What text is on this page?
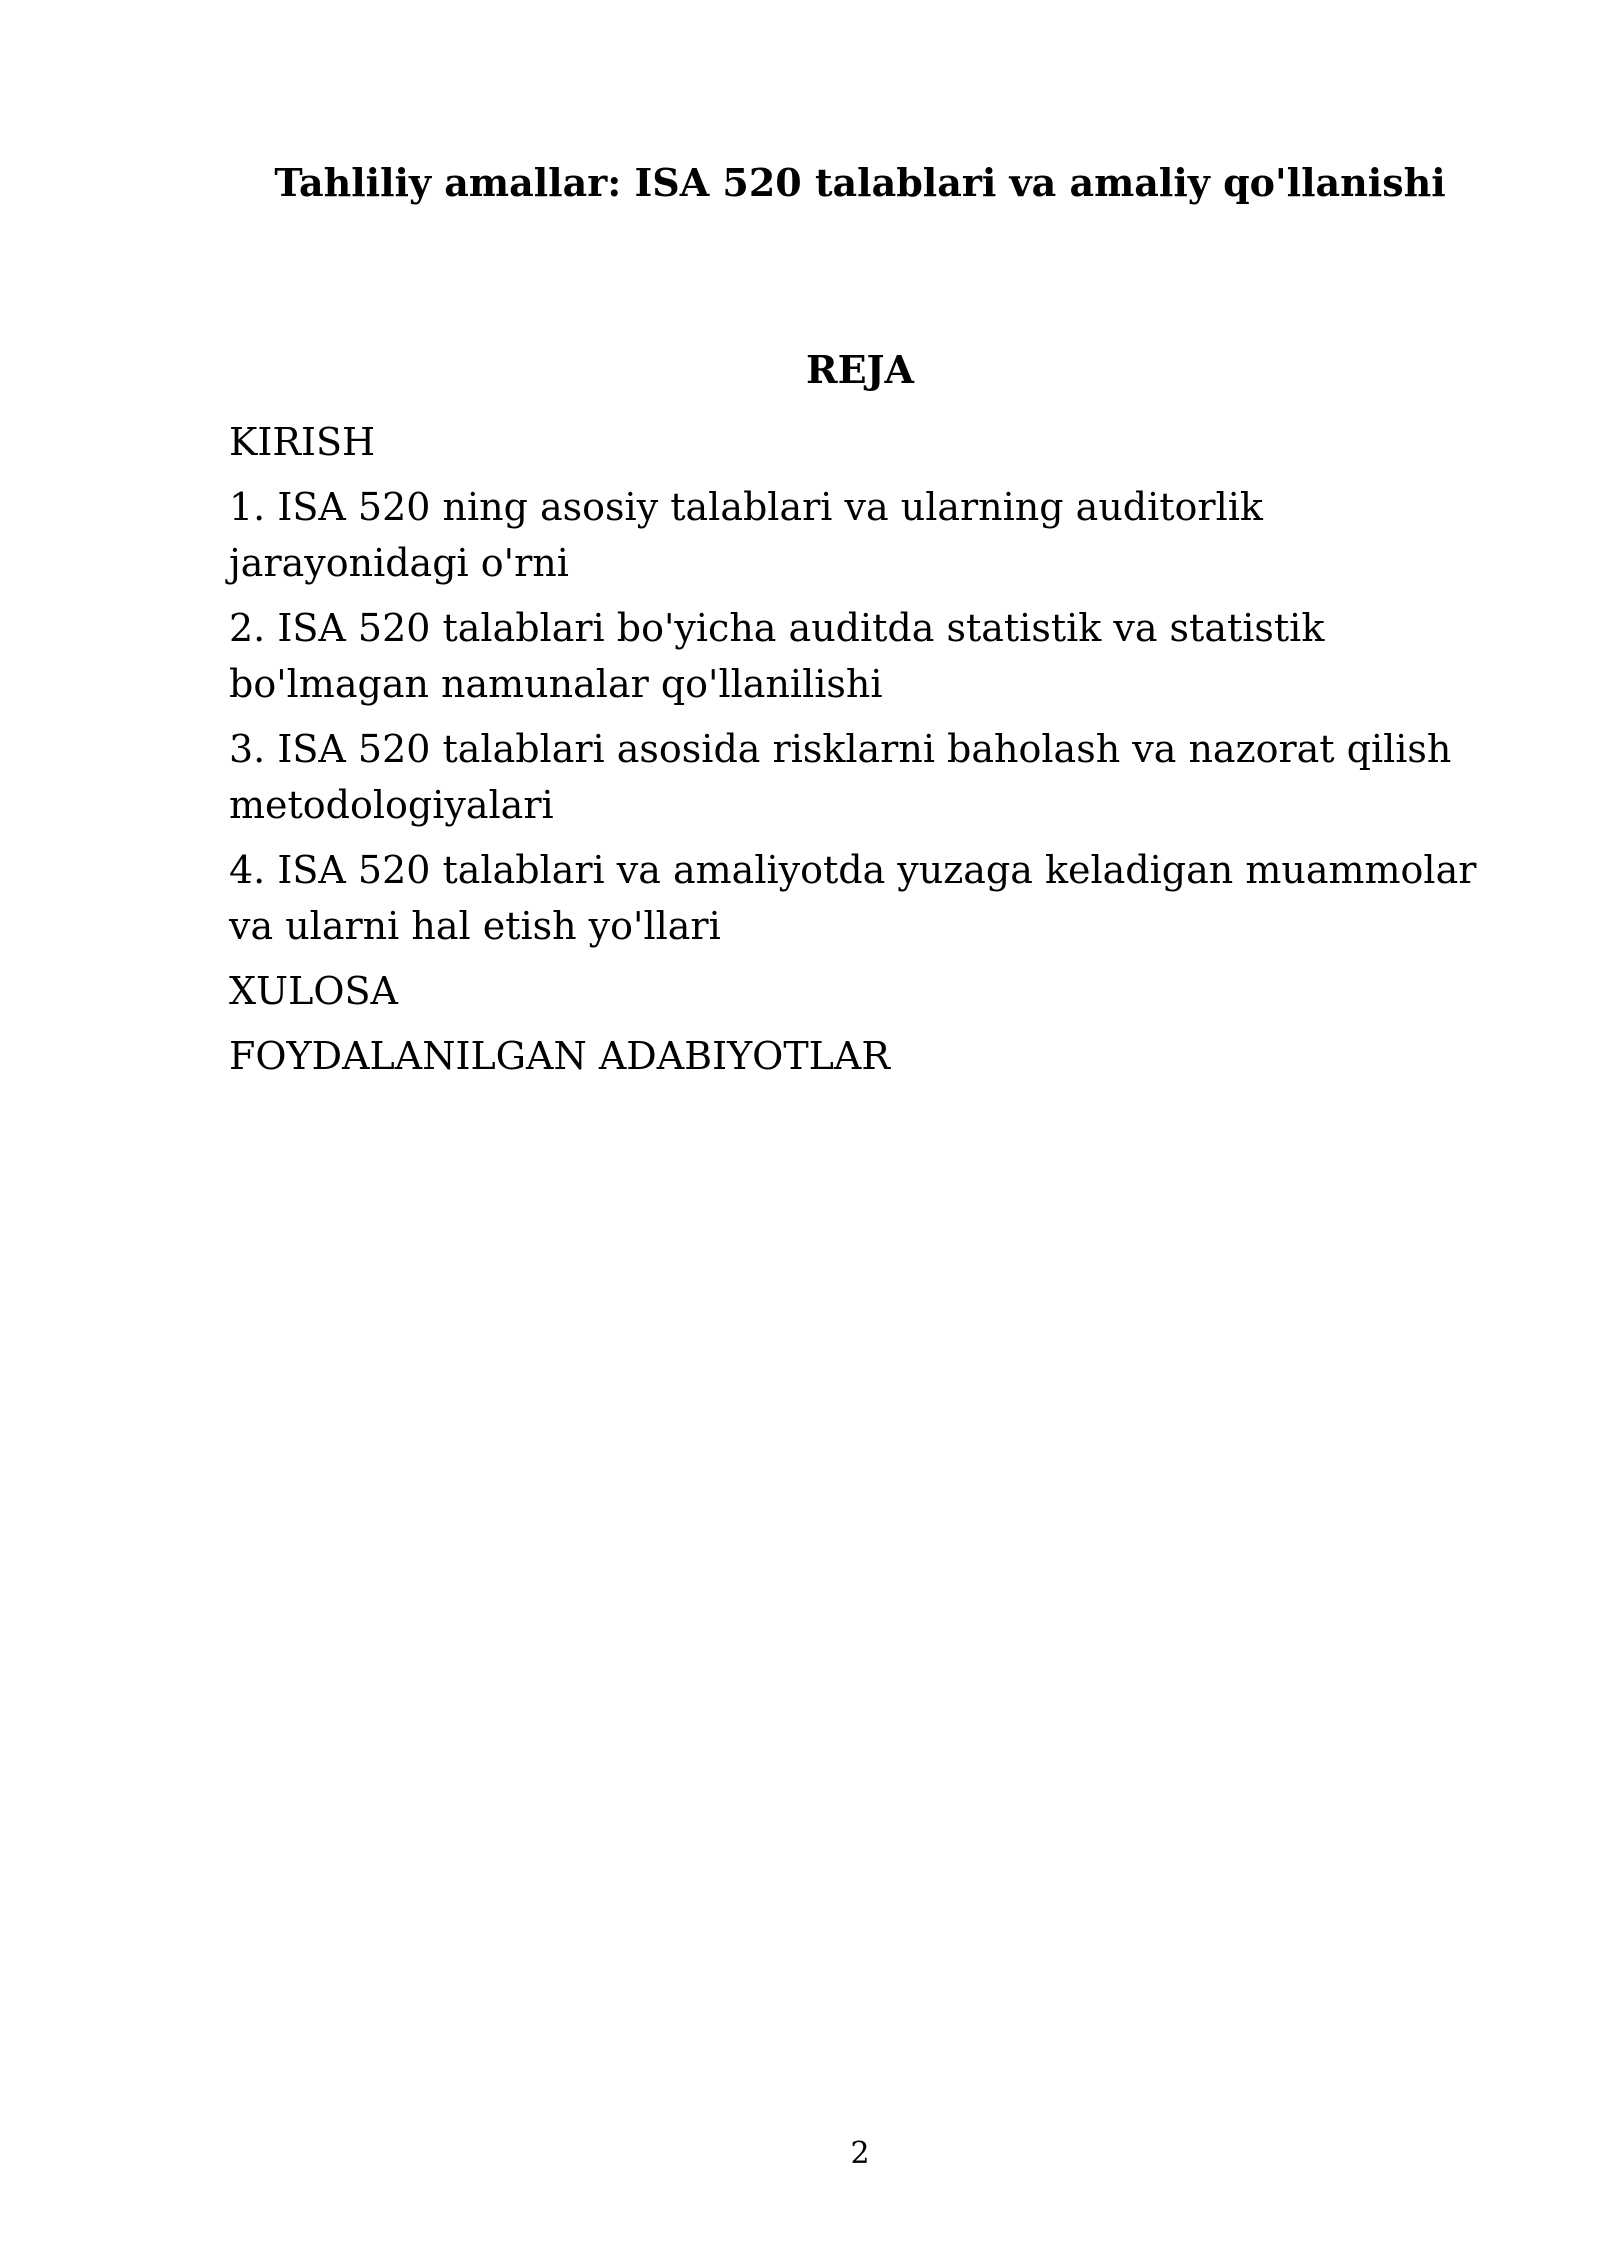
Tahliliy amallar: ISA 520 talablari va amaliy qo'llanishi
REJA
KIRISH
1. ISA 520 ning asosiy talablari va ularning auditorlik jarayonidagi o'rni
2. ISA 520 talablari bo'yicha auditda statistik va statistik bo'lmagan namunalar qo'llanilishi
3. ISA 520 talablari asosida risklarni baholash va nazorat qilish metodologiyalari
4. ISA 520 talablari va amaliyotda yuzaga keladigan muammolar va ularni hal etish yo'llari
XULOSA
FOYDALANILGAN ADABIYOTLAR
2
